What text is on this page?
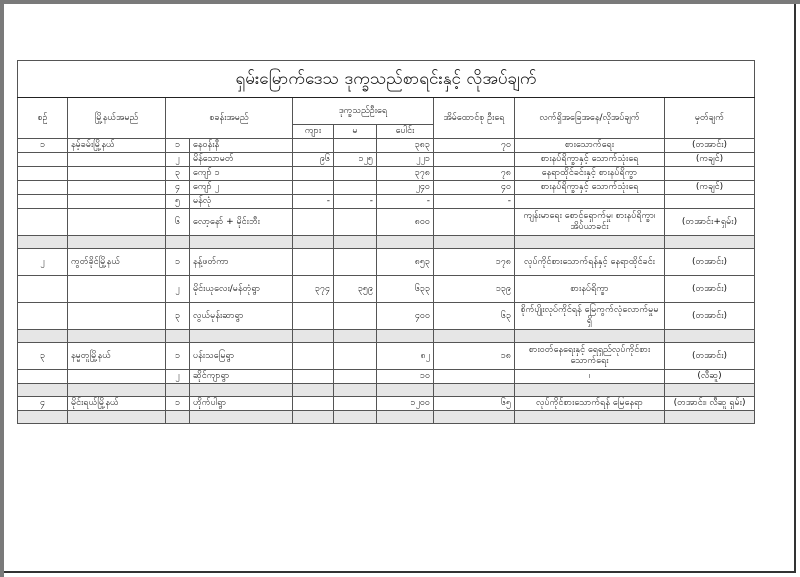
ရှမ်းမြောက်ဒေသ ဒုက္ခသည်စာရင်းနှင့် လိုအပ်ချက်									
စဉ်	မြို့နယ်အမည်	စခန်းအမည်		ဒုက္ခသည်ဦးရေ			အိမ်ထောင်စု ဦးရေ	လက်ရှိအခြေအနေ/လိုအပ်ချက်	မှတ်ချက်
				ကျား	မ	ပေါင်း			
၁	နမ့်ခမ်းမြို့နယ်	၁	နေဝန်းနီ			၃၈၃	၇၀	စားသောက်ရေး	(တအာင်း)
		၂	မိန်သောမတ်	၉၆	၁၂၅	၂၂၁		စားနပ်ရိက္ခာနှင့် သောက်သုံးရေ	(ကချင်)
		၃	ကျော် ၁			၃၇၈	၇၈	နေရာထိုင်ခင်းနှင့် စားနပ်ရိက္ခာ	
		၄	ကျော် ၂			၂၄၀	၄၀	စားနပ်ရိက္ခာနှင့် သောက်သုံးရေ	(ကချင်)
		၅	မန်လုံ	-	-	-	-		
		၆	လော့နော် + မိုင်းဘီး			၈၀၀		ကျန်းမာရေး စောင့်ရှောက်မှု၊ စားနပ်ရိက္ခာ၊ အိပ်ယာခင်း	(တအာင်း+ရှမ်း)

၂	ကွတ်ခိုင်မြို့နယ်	၁	နန့်ဖတ်ကာ			၈၅၃	၁၇၈	လုပ်ကိုင်စားသောက်ရန်နှင့် နေရာထိုင်ခင်း	(တအာင်း)
		၂	မိုင်းယုလေး/မန်တုံရွာ	၃၇၄	၃၅၉	၆၃၃	၁၃၉	စားနပ်ရိက္ခာ	(တအာင်း)
		၃	လွယ်မုန်းဆာရွာ			၄၀၀	၆၃	စိုက်ပျိုးလုပ်ကိုင်ရန် မြေကွက်လုံလောက်မှုမရှိ	(တအာင်း)

၃	နမ္မတူမြို့နယ်	၁	ပန်းသမြေရွာ			၈၂	၁၈	စားဝတ်နေရေးနှင့် ရေရှည်လုပ်ကိုင်စားသောက်ရေး	(တအာင်း)
		၂	ဆိုင်ကျာရွာ			၁၀		၊	(လီဆူ)

၄	မိုင်းရယ်မြို့နယ်	၁	ဟိုက်ပါရွာ			၁၂၀၀	၆၅	လုပ်ကိုင်စားသောက်ရန် မြေနေရာ	(တအာင်း၊ လီဆူ ရှမ်း)
